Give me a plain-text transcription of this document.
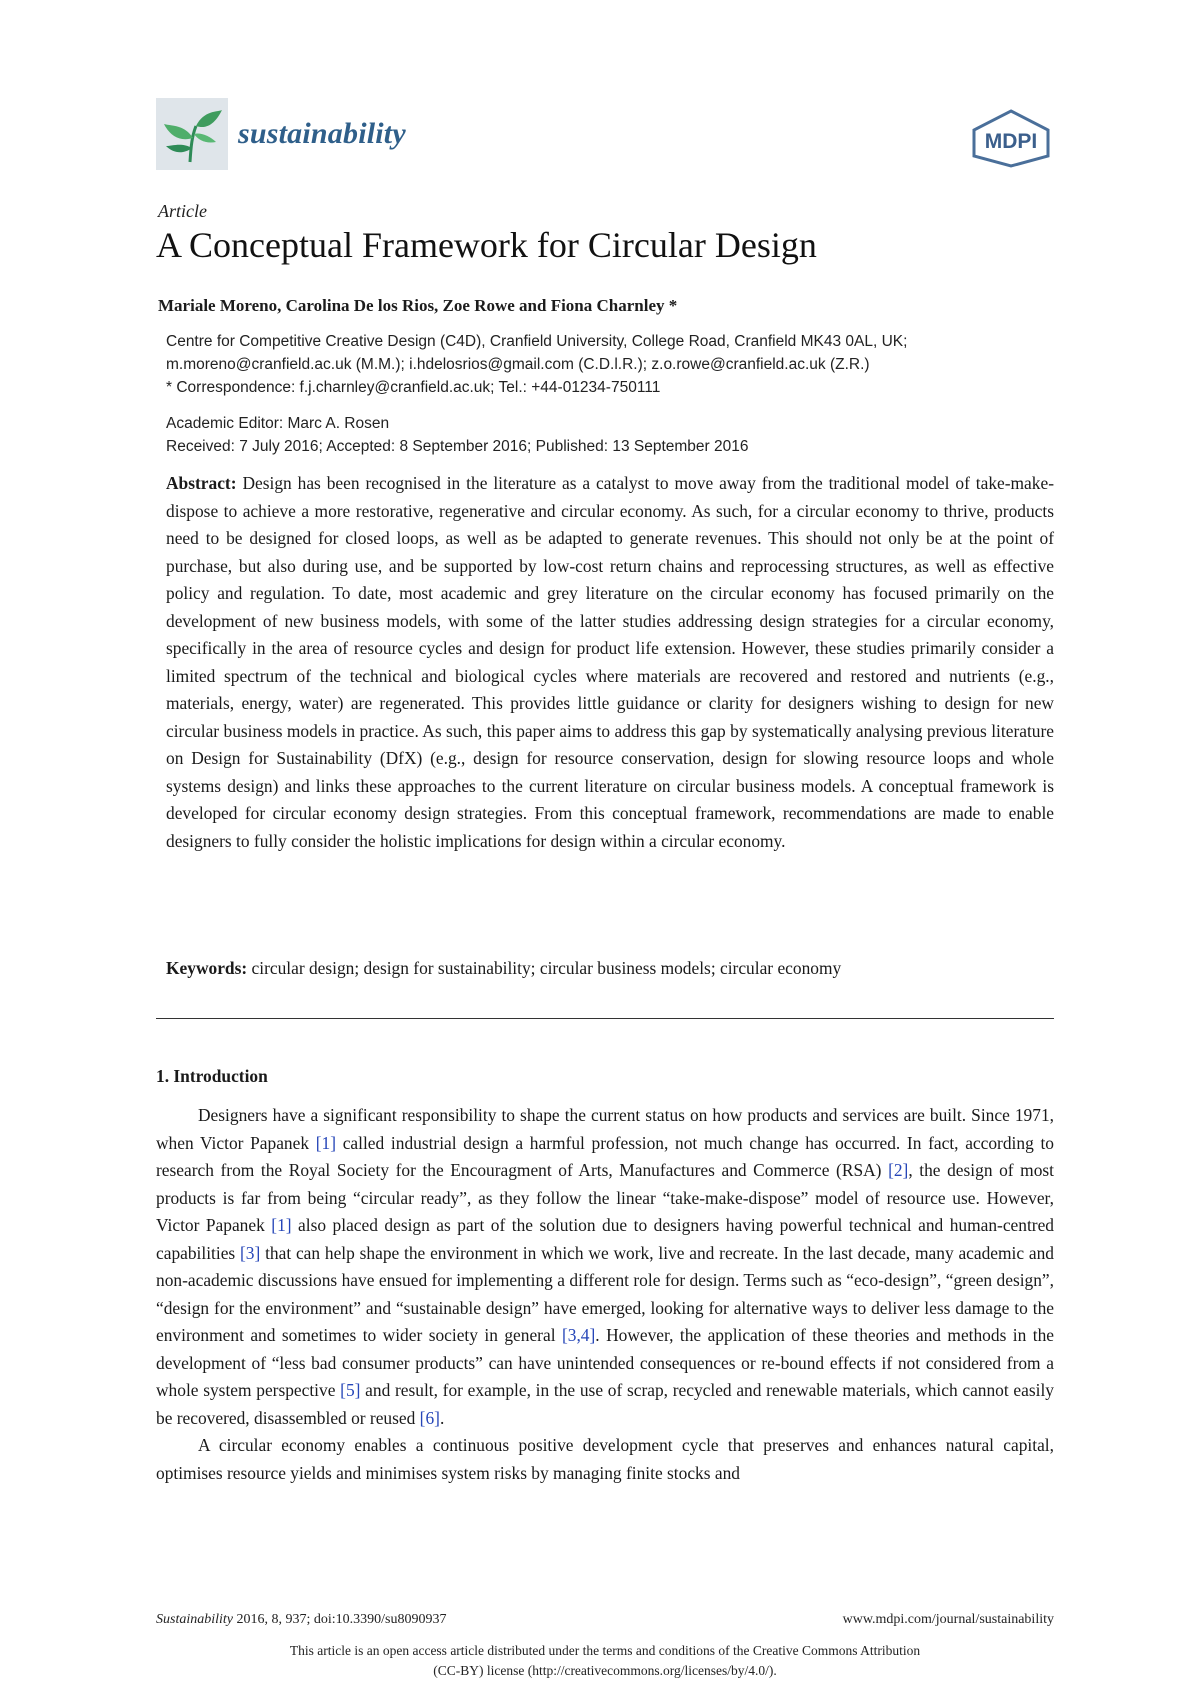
sustainability	MDPI
Article
A Conceptual Framework for Circular Design
Mariale Moreno, Carolina De los Rios, Zoe Rowe and Fiona Charnley *
Centre for Competitive Creative Design (C4D), Cranfield University, College Road, Cranfield MK43 0AL, UK;
m.moreno@cranfield.ac.uk (M.M.); i.hdelosrios@gmail.com (C.D.l.R.); z.o.rowe@cranfield.ac.uk (Z.R.)
* Correspondence: f.j.charnley@cranfield.ac.uk; Tel.: +44-01234-750111
Academic Editor: Marc A. Rosen
Received: 7 July 2016; Accepted: 8 September 2016; Published: 13 September 2016
Abstract: Design has been recognised in the literature as a catalyst to move away from the traditional model of take-make-dispose to achieve a more restorative, regenerative and circular economy. As such, for a circular economy to thrive, products need to be designed for closed loops, as well as be adapted to generate revenues. This should not only be at the point of purchase, but also during use, and be supported by low-cost return chains and reprocessing structures, as well as effective policy and regulation. To date, most academic and grey literature on the circular economy has focused primarily on the development of new business models, with some of the latter studies addressing design strategies for a circular economy, specifically in the area of resource cycles and design for product life extension. However, these studies primarily consider a limited spectrum of the technical and biological cycles where materials are recovered and restored and nutrients (e.g., materials, energy, water) are regenerated. This provides little guidance or clarity for designers wishing to design for new circular business models in practice. As such, this paper aims to address this gap by systematically analysing previous literature on Design for Sustainability (DfX) (e.g., design for resource conservation, design for slowing resource loops and whole systems design) and links these approaches to the current literature on circular business models. A conceptual framework is developed for circular economy design strategies. From this conceptual framework, recommendations are made to enable designers to fully consider the holistic implications for design within a circular economy.
Keywords: circular design; design for sustainability; circular business models; circular economy
1. Introduction

Designers have a significant responsibility to shape the current status on how products and services are built. Since 1971, when Victor Papanek [1] called industrial design a harmful profession, not much change has occurred. In fact, according to research from the Royal Society for the Encouragment of Arts, Manufactures and Commerce (RSA) [2], the design of most products is far from being “circular ready”, as they follow the linear “take-make-dispose” model of resource use. However, Victor Papanek [1] also placed design as part of the solution due to designers having powerful technical and human-centred capabilities [3] that can help shape the environment in which we work, live and recreate. In the last decade, many academic and non-academic discussions have ensued for implementing a different role for design. Terms such as “eco-design”, “green design”, “design for the environment” and “sustainable design” have emerged, looking for alternative ways to deliver less damage to the environment and sometimes to wider society in general [3,4]. However, the application of these theories and methods in the development of “less bad consumer products” can have unintended consequences or re-bound effects if not considered from a whole system perspective [5] and result, for example, in the use of scrap, recycled and renewable materials, which cannot easily be recovered, disassembled or reused [6].

A circular economy enables a continuous positive development cycle that preserves and enhances natural capital, optimises resource yields and minimises system risks by managing finite stocks and

Sustainability 2016, 8, 937; doi:10.3390/su8090937	www.mdpi.com/journal/sustainability
This article is an open access article distributed under the terms and conditions of the Creative Commons Attribution
(CC-BY) license (http://creativecommons.org/licenses/by/4.0/).
